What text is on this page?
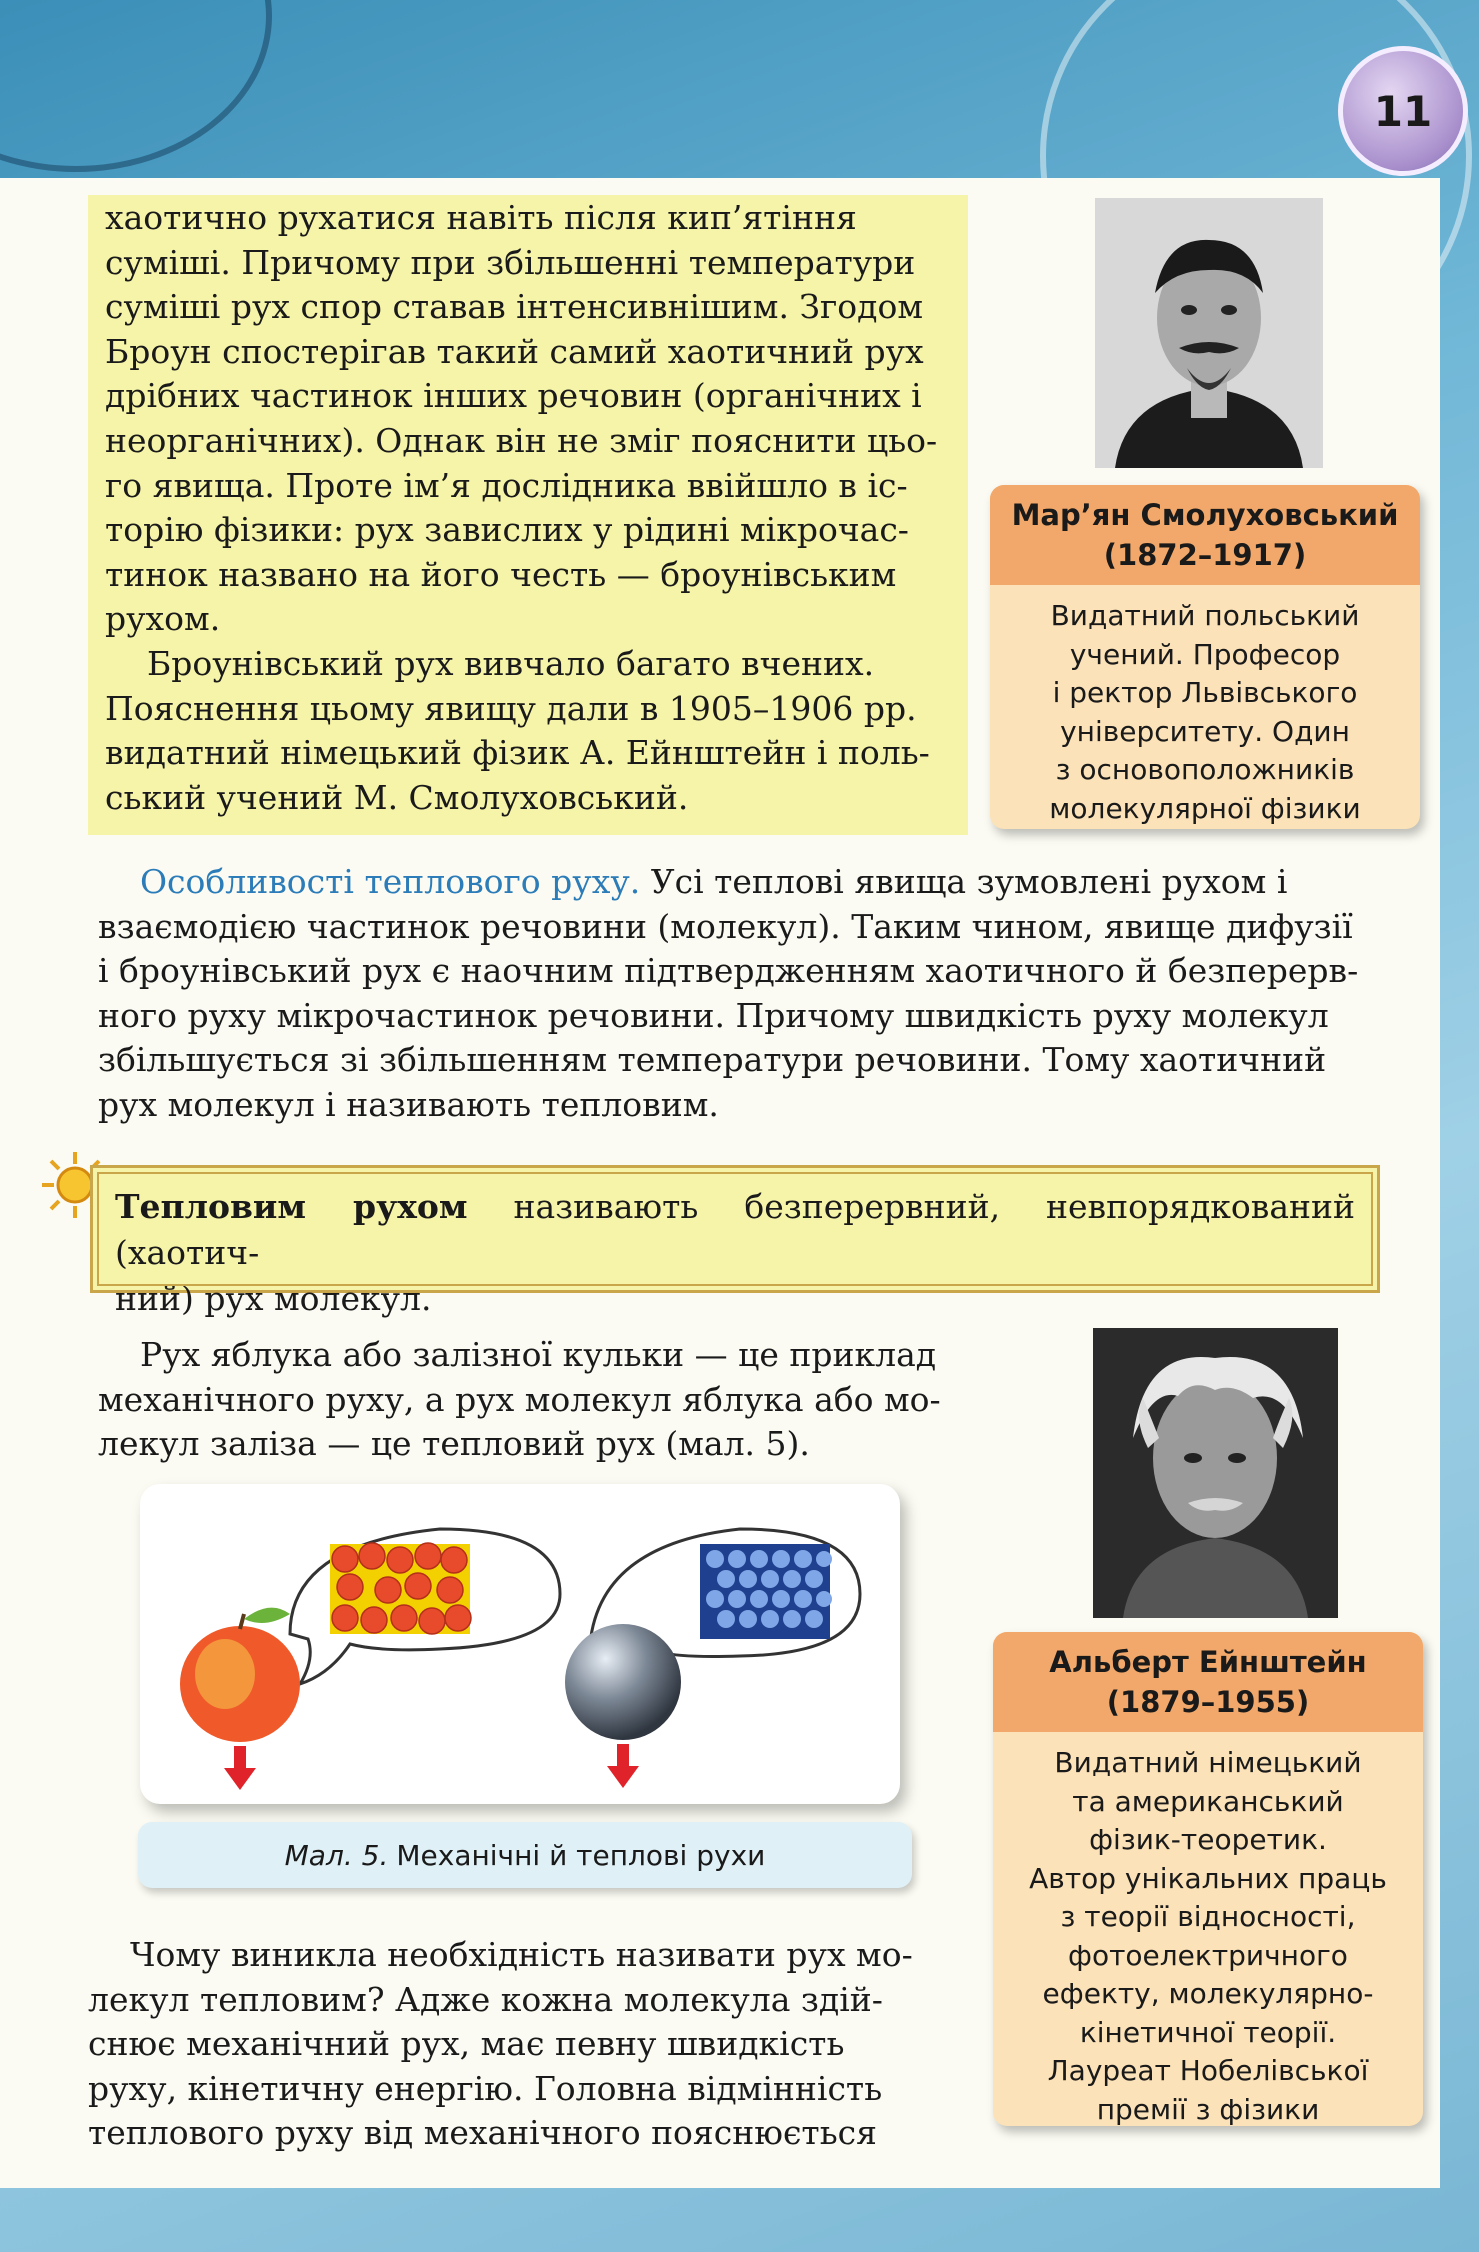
11

хаотично рухатися навіть після кип’ятіння

суміші. Причому при збільшенні температури

суміші рух спор ставав інтенсивнішим. Згодом

Броун спостерігав такий самий хаотичний рух

дрібних частинок інших речовин (органічних і

неорганічних). Однак він не зміг пояснити цьо-

го явища. Проте ім’я дослідника ввійшло в іс-

торію фізики: рух завислих у рідині мікрочас-

тинок названо на його честь — броунівським

рухом.

Броунівський рух вивчало багато вчених.

Пояснення цьому явищу дали в 1905–1906 рр.

видатний німецький фізик А. Ейнштейн і поль-

ський учений М. Смолуховський.

Мар’ян Смолуховський
(1872–1917)
Видатний польський
учений. Професор
і ректор Львівського
університету. Один
з основоположників
молекулярної фізики

Особливості теплового руху. Усі теплові явища зумовлені рухом і

взаємодією частинок речовини (молекул). Таким чином, явище дифузії

і броунівський рух є наочним підтвердженням хаотичного й безперерв-

ного руху мікрочастинок речовини. Причому швидкість руху молекул

збільшується зі збільшенням температури речовини. Тому хаотичний

рух молекул і називають тепловим.

Тепловим рухом називають безперервний, невпорядкований (хаотич-
ний) рух молекул.

Рух яблука або залізної кульки — це приклад

механічного руху, а рух молекул яблука або мо-

лекул заліза — це тепловий рух (мал. 5).

Альберт Ейнштейн
(1879–1955)
Видатний німецький
та американський
фізик-теоретик.
Автор унікальних праць
з теорії відносності,
фотоелектричного
ефекту, молекулярно-
кінетичної теорії.
Лауреат Нобелівської
премії з фізики
Мал. 5. Механічні й теплові рухи

Чому виникла необхідність називати рух мо-

лекул тепловим? Адже кожна молекула здій-

снює механічний рух, має певну швидкість

руху, кінетичну енергію. Головна відмінність

теплового руху від механічного пояснюється
